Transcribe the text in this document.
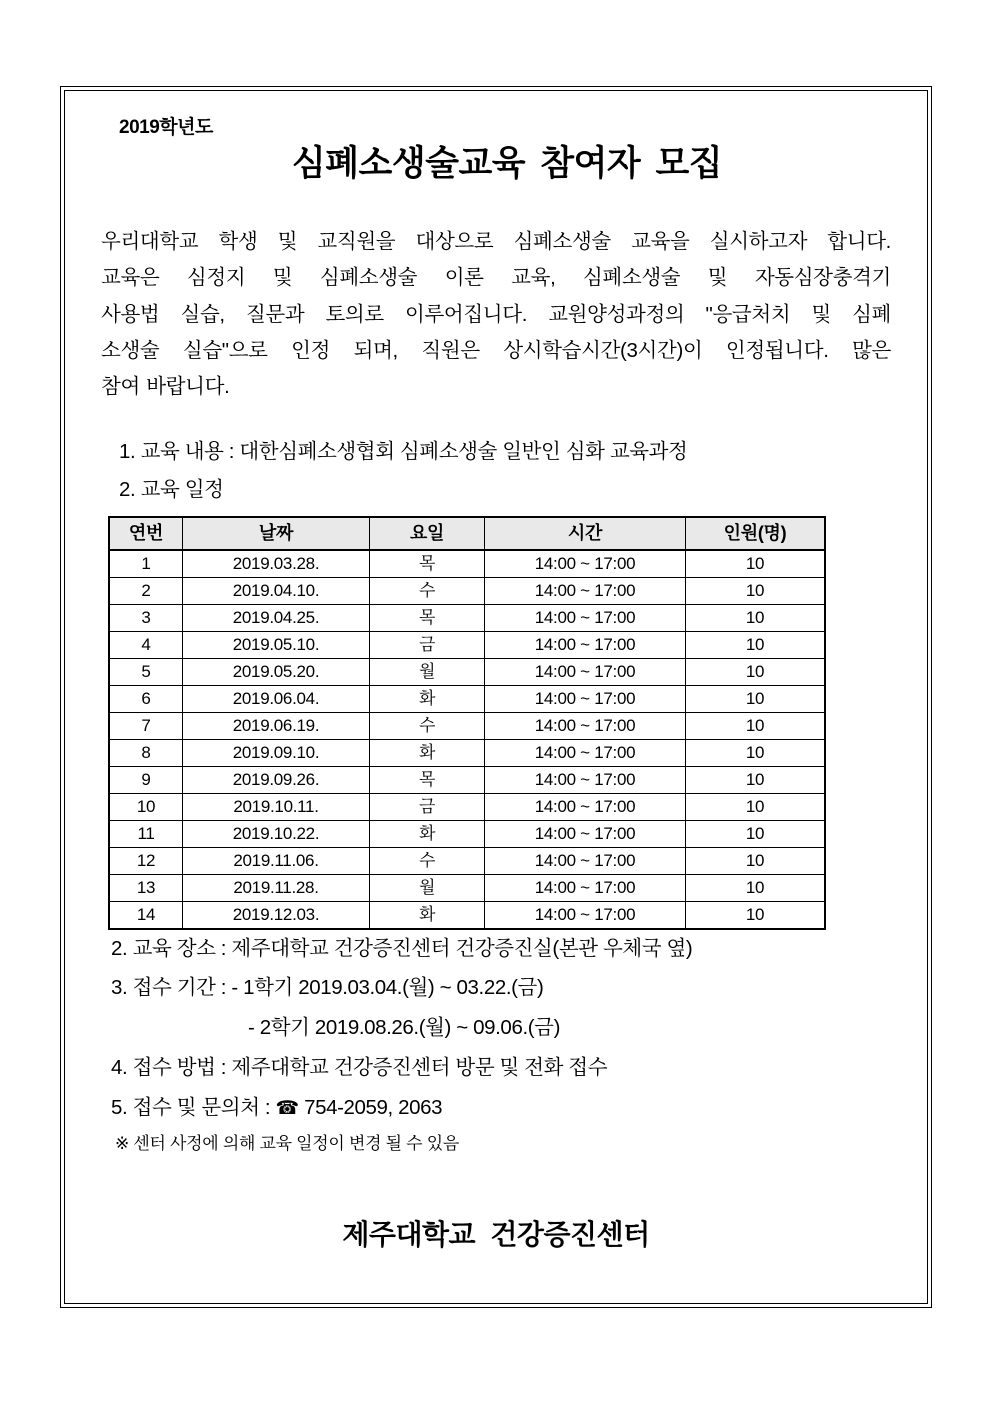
2019학년도
심폐소생술교육 참여자 모집
우리대학교 학생 및 교직원을 대상으로 심폐소생술 교육을 실시하고자 합니다.
교육은 심정지 및 심폐소생술 이론 교육, 심폐소생술 및 자동심장충격기
사용법 실습, 질문과 토의로 이루어집니다. 교원양성과정의 "응급처치 및 심폐
소생술 실습"으로 인정 되며, 직원은 상시학습시간(3시간)이 인정됩니다. 많은
참여 바랍니다.

1. 교육 내용 : 대한심폐소생협회 심폐소생술 일반인 심화 교육과정

2. 교육 일정

연번	날짜	요일	시간	인원(명)
1	2019.03.28.	목	14:00 ~ 17:00	10
2	2019.04.10.	수	14:00 ~ 17:00	10
3	2019.04.25.	목	14:00 ~ 17:00	10
4	2019.05.10.	금	14:00 ~ 17:00	10
5	2019.05.20.	월	14:00 ~ 17:00	10
6	2019.06.04.	화	14:00 ~ 17:00	10
7	2019.06.19.	수	14:00 ~ 17:00	10
8	2019.09.10.	화	14:00 ~ 17:00	10
9	2019.09.26.	목	14:00 ~ 17:00	10
10	2019.10.11.	금	14:00 ~ 17:00	10
11	2019.10.22.	화	14:00 ~ 17:00	10
12	2019.11.06.	수	14:00 ~ 17:00	10
13	2019.11.28.	월	14:00 ~ 17:00	10
14	2019.12.03.	화	14:00 ~ 17:00	10

2. 교육 장소 : 제주대학교 건강증진센터 건강증진실(본관 우체국 옆)

3. 접수 기간 : - 1학기 2019.03.04.(월) ~ 03.22.(금)

- 2학기 2019.08.26.(월) ~ 09.06.(금)

4. 접수 방법 : 제주대학교 건강증진센터 방문 및 전화 접수

5. 접수 및 문의처 : ☎ 754-2059, 2063

※ 센터 사정에 의해 교육 일정이 변경 될 수 있음

제주대학교 건강증진센터
